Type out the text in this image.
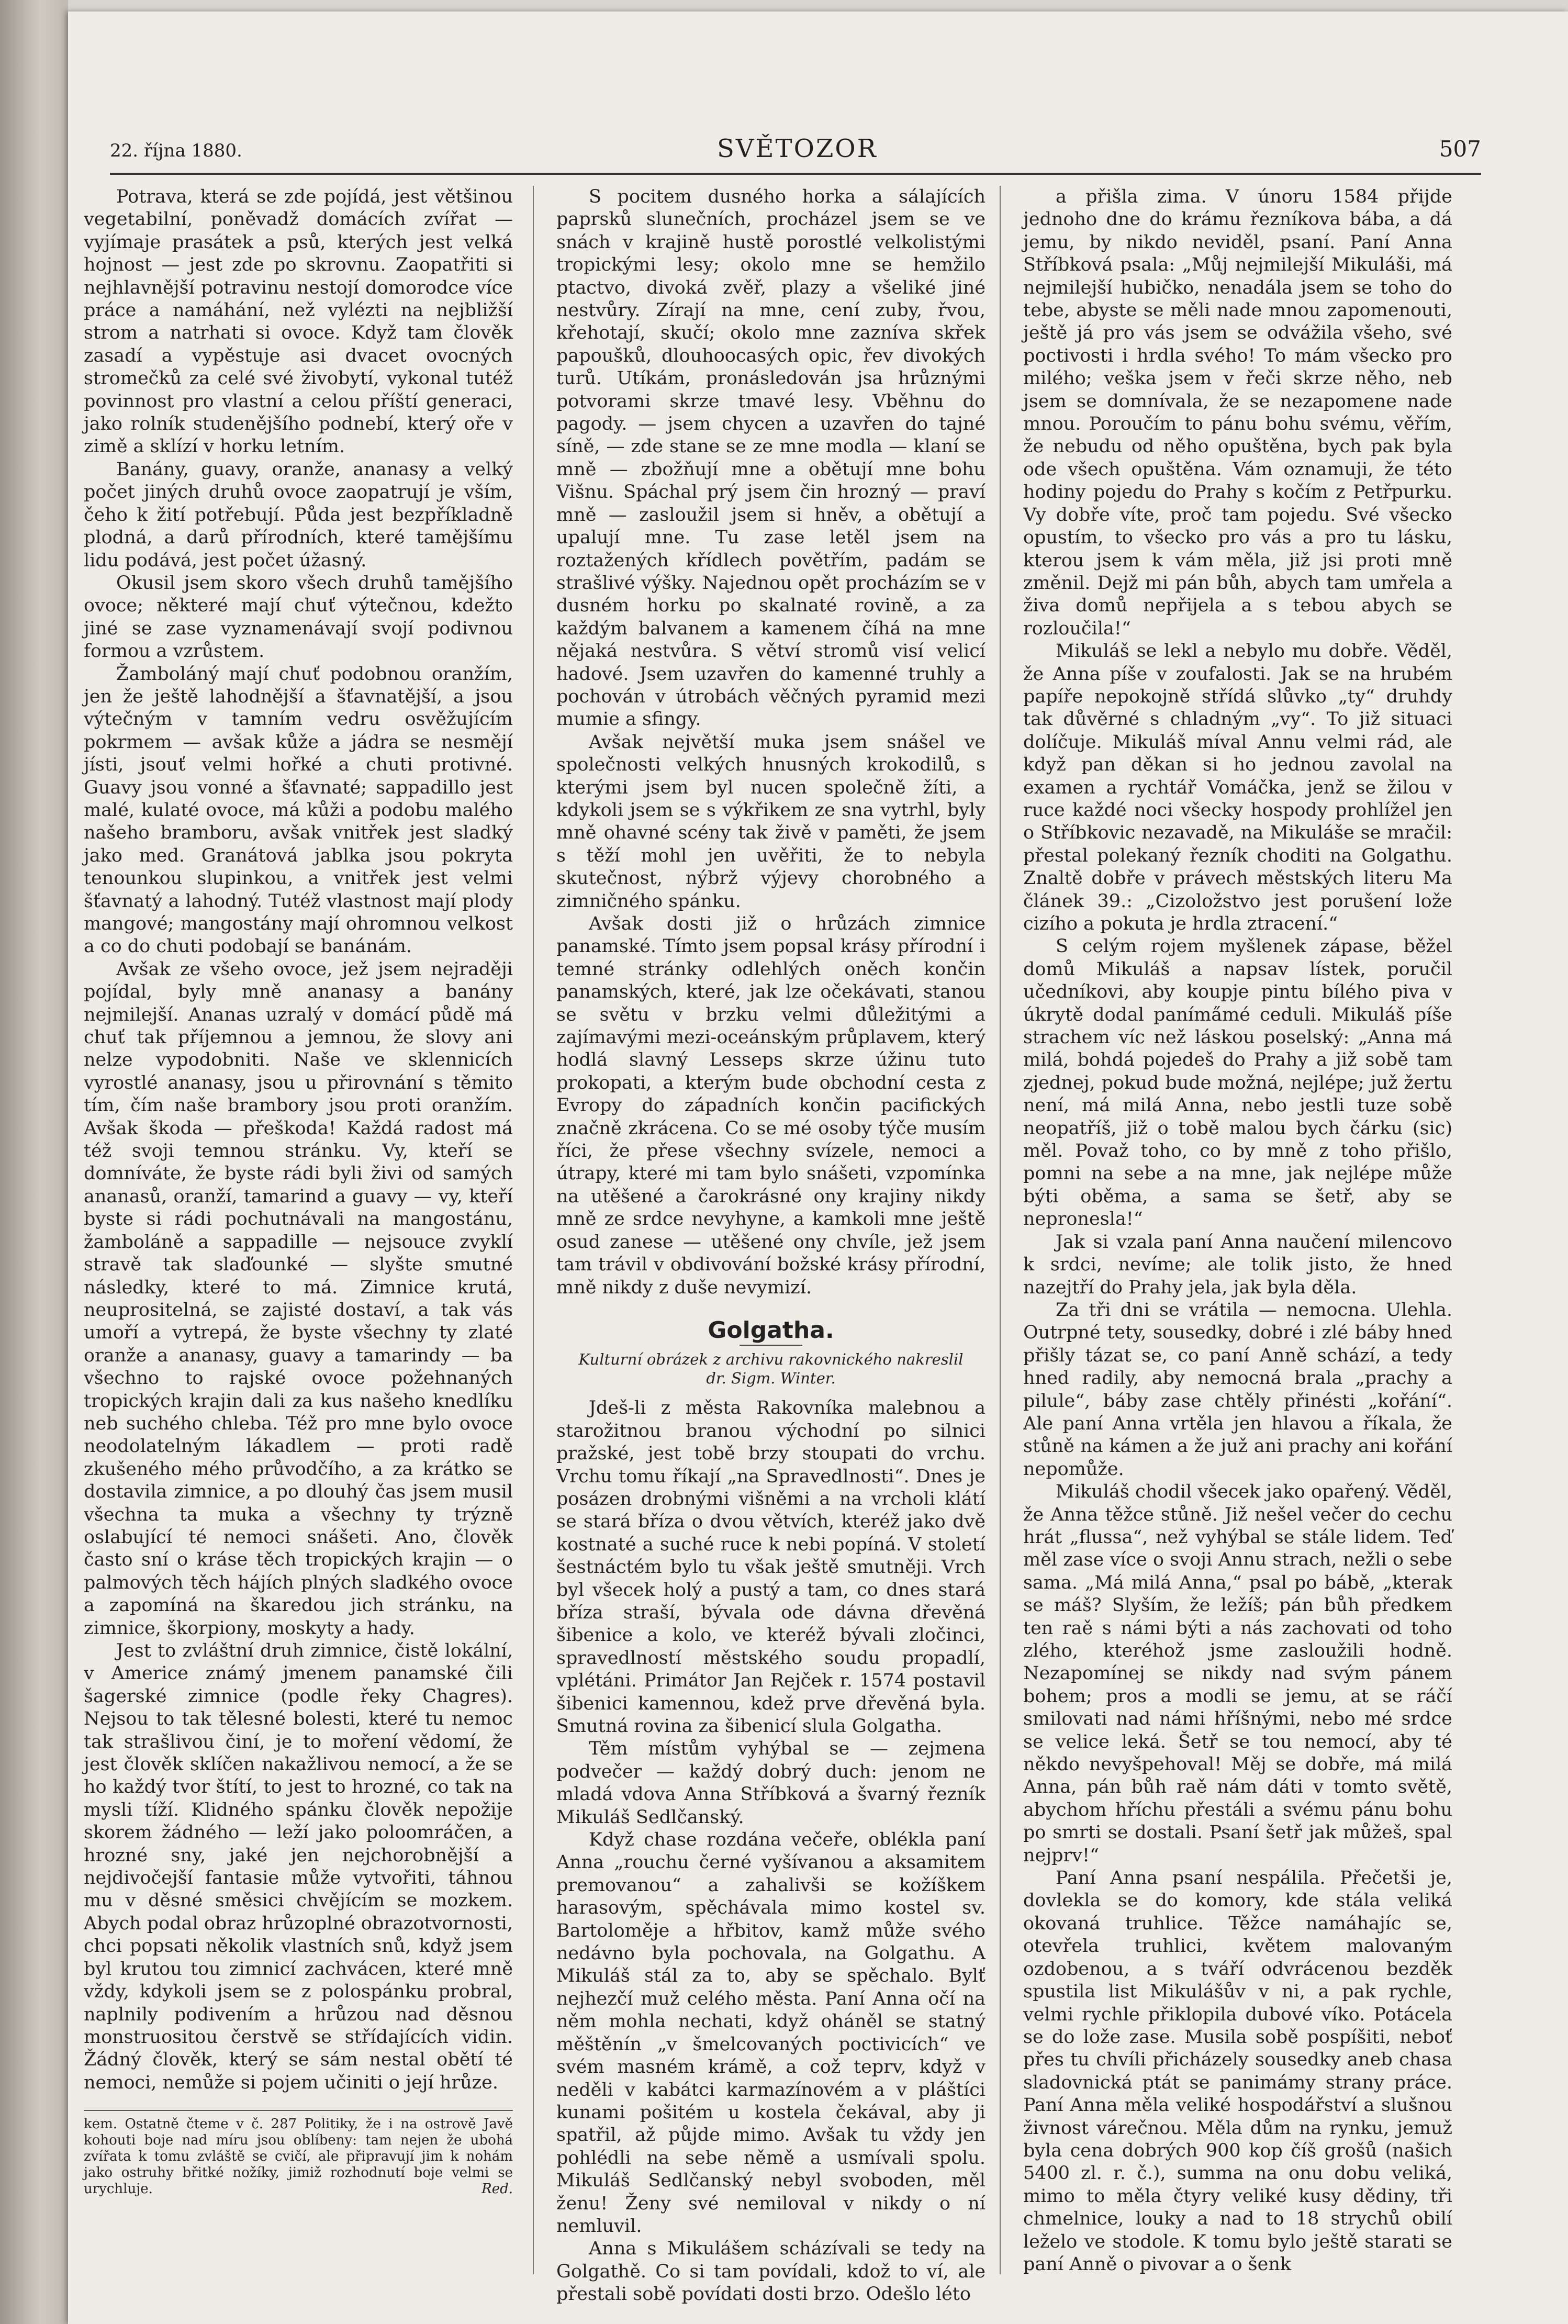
22. října 1880.	SVĚTOZOR	507

Potrava, která se zde pojídá, jest většinou vegetabilní, poněvadž domácích zvířat — vyjímaje prasátek a psů, kterých jest velká hojnost — jest zde po skrovnu. Zaopatřiti si nejhlavnější potravinu nestojí domorodce více práce a namáhání, než vylézti na nejbližší strom a natrhati si ovoce. Když tam člověk zasadí a vypěstuje asi dvacet ovocných stromečků za celé své živobytí, vykonal tutéž povinnost pro vlastní a celou příští generaci, jako rolník studenějšího podnebí, který oře v zimě a sklízí v horku letním.

Banány, guavy, oranže, ananasy a velký počet jiných druhů ovoce zaopatrují je vším, čeho k žití potřebují. Půda jest bezpříkladně plodná, a darů přírodních, které tamějšímu lidu podává, jest počet úžasný.

Okusil jsem skoro všech druhů tamějšího ovoce; některé mají chuť výtečnou, kdežto jiné se zase vyznamenávají svojí podivnou formou a vzrůstem.

Žamboláný mají chuť podobnou oranžím, jen že ještě lahodnější a šťavnatější, a jsou výtečným v tamním vedru osvěžujícím pokrmem — avšak kůže a jádra se nesmějí jísti, jsouť velmi hořké a chuti protivné. Guavy jsou vonné a šťavnaté; sappadillo jest malé, kulaté ovoce, má kůži a podobu malého našeho bramboru, avšak vnitřek jest sladký jako med. Granátová jablka jsou pokryta tenounkou slupinkou, a vnitřek jest velmi šťavnatý a lahodný. Tutéž vlastnost mají plody mangové; mangostány mají ohromnou velkost a co do chuti podobají se banánám.

Avšak ze všeho ovoce, jež jsem nejraději pojídal, byly mně ananasy a banány nejmilejší. Ananas uzralý v domácí půdě má chuť tak příjemnou a jemnou, že slovy ani nelze vypodobniti. Naše ve sklennicích vyrostlé ananasy, jsou u přirovnání s těmito tím, čím naše brambory jsou proti oranžím. Avšak škoda — přeškoda! Každá radost má též svoji temnou stránku. Vy, kteří se domníváte, že byste rádi byli živi od samých ananasů, oranží, tamarind a guavy — vy, kteří byste si rádi pochutnávali na mangostánu, žamboláně a sappadille — nejsouce zvyklí stravě tak slaďounké — slyšte smutné následky, které to má. Zimnice krutá, neuprositelná, se zajisté dostaví, a tak vás umoří a vytrepá, že byste všechny ty zlaté oranže a ananasy, guavy a tamarindy — ba všechno to rajské ovoce požehnaných tropických krajin dali za kus našeho knedlíku neb suchého chleba. Též pro mne bylo ovoce neodolatelným lákadlem — proti radě zkušeného mého průvodčího, a za krátko se dostavila zimnice, a po dlouhý čas jsem musil všechna ta muka a všechny ty trýzně oslabující té nemoci snášeti. Ano, člověk často sní o kráse těch tropických krajin — o palmových těch hájích plných sladkého ovoce a zapomíná na škaredou jich stránku, na zimnice, škorpiony, moskyty a hady.

Jest to zvláštní druh zimnice, čistě lokální, v Americe známý jmenem panamské čili šagerské zimnice (podle řeky Chagres). Nejsou to tak tělesné bolesti, které tu nemoc tak strašlivou činí, je to moření vědomí, že jest člověk sklíčen nakažlivou nemocí, a že se ho každý tvor štítí, to jest to hrozné, co tak na mysli tíží. Klidného spánku člověk nepožije skorem žádného — leží jako poloomráčen, a hrozné sny, jaké jen nejchorobnější a nejdivočejší fantasie může vytvořiti, táhnou mu v děsné směsici chvějícím se mozkem. Abych podal obraz hrůzoplné obrazotvornosti, chci popsati několik vlastních snů, když jsem byl krutou tou zimnicí zachvácen, které mně vždy, kdykoli jsem se z polospánku probral, naplnily podivením a hrůzou nad děsnou monstruositou čerstvě se střídajících vidin. Žádný člověk, který se sám nestal obětí té nemoci, nemůže si pojem učiniti o její hrůze.

kem. Ostatně čteme v č. 287 Politiky, že i na ostrově Javě kohouti boje nad míru jsou oblíbeny: tam nejen že ubohá zvířata k tomu zvláště se cvičí, ale připravují jim k nohám jako ostruhy břitké nožíky, jimiž rozhodnutí boje velmi se urychluje.	Red.

S pocitem dusného horka a sálajících paprsků slunečních, procházel jsem se ve snách v krajině hustě porostlé velkolistými tropickými lesy; okolo mne se hemžilo ptactvo, divoká zvěř, plazy a všeliké jiné nestvůry. Zírají na mne, cení zuby, řvou, křehotají, skučí; okolo mne zazníva skřek papoušků, dlouhoocasých opic, řev divokých turů. Utíkám, pronásledován jsa hrůznými potvorami skrze tmavé lesy. Vběhnu do pagody. — jsem chycen a uzavřen do tajné síně, — zde stane se ze mne modla — klaní se mně — zbožňují mne a obětují mne bohu Višnu. Spáchal prý jsem čin hrozný — praví mně — zasloužil jsem si hněv, a obětují a upalují mne. Tu zase letěl jsem na roztažených křídlech povětřím, padám se strašlivé výšky. Najednou opět procházím se v dusném horku po skalnaté rovině, a za každým balvanem a kamenem číhá na mne nějaká nestvůra. S větví stromů visí velicí hadové. Jsem uzavřen do kamenné truhly a pochován v útrobách věčných pyramid mezi mumie a sfingy.

Avšak největší muka jsem snášel ve společnosti velkých hnusných krokodilů, s kterými jsem byl nucen společně žíti, a kdykoli jsem se s výkřikem ze sna vytrhl, byly mně ohavné scény tak živě v paměti, že jsem s těží mohl jen uvěřiti, že to nebyla skutečnost, nýbrž výjevy chorobného a zimničného spánku.

Avšak dosti již o hrůzách zimnice panamské. Tímto jsem popsal krásy přírodní i temné stránky odlehlých oněch končin panamských, které, jak lze očekávati, stanou se světu v brzku velmi důležitými a zajímavými mezi-oceánským průplavem, který hodlá slavný Lesseps skrze úžinu tuto prokopati, a kterým bude obchodní cesta z Evropy do západních končin pacifických značně zkrácena. Co se mé osoby týče musím říci, že přese všechny svízele, nemoci a útrapy, které mi tam bylo snášeti, vzpomínka na utěšené a čarokrásné ony krajiny nikdy mně ze srdce nevyhyne, a kamkoli mne ještě osud zanese — utěšené ony chvíle, jež jsem tam trávil v obdivování božské krásy přírodní, mně nikdy z duše nevymizí.

Golgatha.
Kulturní obrázek z archivu rakovnického nakreslil
dr. Sigm. Winter.

Jdeš-li z města Rakovníka malebnou a starožitnou branou východní po silnici pražské, jest tobě brzy stoupati do vrchu. Vrchu tomu říkají „na Spravedlnosti“. Dnes je posázen drobnými višněmi a na vrcholi klátí se stará bříza o dvou větvích, kteréž jako dvě kostnaté a suché ruce k nebi popíná. V století šestnáctém bylo tu však ještě smutněji. Vrch byl všecek holý a pustý a tam, co dnes stará bříza straší, bývala ode dávna dřevěná šibenice a kolo, ve kteréž bývali zločinci, spravedlností městského soudu propadlí, vplétáni. Primátor Jan Rejček r. 1574 postavil šibenici kamennou, kdež prve dřevěná byla. Smutná rovina za šibenicí slula Golgatha.

Těm místům vyhýbal se — zejmena podvečer — každý dobrý duch: jenom ne mladá vdova Anna Stříbková a švarný řezník Mikuláš Sedlčanský.

Když chase rozdána večeře, oblékla paní Anna „rouchu černé vyšívanou a aksamitem premovanou“ a zahalivši se kožíškem harasovým, spěchávala mimo kostel sv. Bartoloměje a hřbitov, kamž může svého nedávno byla pochovala, na Golgathu. A Mikuláš stál za to, aby se spěchalo. Bylť nejhezčí muž celého města. Paní Anna očí na něm mohla nechati, když oháněl se statný měštěnín „v šmelcovaných poctivicích“ ve svém masném krámě, a což teprv, když v neděli v kabátci karmazínovém a v pláštíci kunami pošitém u kostela čekával, aby ji spatřil, až půjde mimo. Avšak tu vždy jen pohlédli na sebe němě a usmívali spolu. Mikuláš Sedlčanský nebyl svoboden, měl ženu! Ženy své nemiloval v nikdy o ní nemluvil.

Anna s Mikulášem scházívali se tedy na Golgathě. Co si tam povídali, kdož to ví, ale přestali sobě povídati dosti brzo. Odešlo léto

a přišla zima. V únoru 1584 přijde jednoho dne do krámu řezníkova bába, a dá jemu, by nikdo neviděl, psaní. Paní Anna Stříbková psala: „Můj nejmilejší Mikuláši, má nejmilejší hubičko, nenadála jsem se toho do tebe, abyste se měli nade mnou zapomenouti, ještě já pro vás jsem se odvážila všeho, své poctivosti i hrdla svého! To mám všecko pro milého; veška jsem v řeči skrze něho, neb jsem se domnívala, že se nezapomene nade mnou. Poroučím to pánu bohu svému, věřím, že nebudu od něho opuštěna, bych pak byla ode všech opuštěna. Vám oznamuji, že této hodiny pojedu do Prahy s kočím z Petřpurku. Vy dobře víte, proč tam pojedu. Své všecko opustím, to všecko pro vás a pro tu lásku, kterou jsem k vám měla, již jsi proti mně změnil. Dejž mi pán bůh, abych tam umřela a živa domů nepřijela a s tebou abych se rozloučila!“

Mikuláš se lekl a nebylo mu dobře. Věděl, že Anna píše v zoufalosti. Jak se na hrubém papíře nepokojně střídá slůvko „ty“ druhdy tak důvěrné s chladným „vy“. To již situaci dolíčuje. Mikuláš míval Annu velmi rád, ale když pan děkan si ho jednou zavolal na examen a rychtář Vomáčka, jenž se žilou v ruce každé noci všecky hospody prohlížel jen o Stříbkovic nezavadě, na Mikuláše se mračil: přestal polekaný řezník choditi na Golgathu. Znaltě dobře v právech městských literu Ma článek 39.: „Cizoložstvo jest porušení lože cizího a pokuta je hrdla ztracení.“

S celým rojem myšlenek zápase, běžel domů Mikuláš a napsav lístek, poručil učedníkovi, aby koupje pintu bílého piva v úkrytě dodal paníma̋mé ceduli. Mikuláš píše strachem víc než láskou poselský: „Anna má milá, bohdá pojedeš do Prahy a již sobě tam zjednej, pokud bude možná, nejlépe; juž žertu není, má milá Anna, nebo jestli tuze sobě neopatříš, již o tobě malou bych čárku (sic) měl. Považ toho, co by mně z toho přišlo, pomni na sebe a na mne, jak nejlépe může býti oběma, a sama se šetř, aby se nepronesla!“

Jak si vzala paní Anna naučení milencovo k srdci, nevíme; ale tolik jisto, že hned nazejtří do Prahy jela, jak byla děla.

Za tři dni se vrátila — nemocna. Ulehla. Outrpné tety, sousedky, dobré i zlé báby hned přišly tázat se, co paní Anně schází, a tedy hned radily, aby nemocná brala „prachy a pilule“, báby zase chtěly přinésti „kořání“. Ale paní Anna vrtěla jen hlavou a říkala, že stůně na kámen a že juž ani prachy ani kořání nepomůže.

Mikuláš chodil všecek jako opařený. Věděl, že Anna těžce stůně. Již nešel večer do cechu hrát „flussa“, než vyhýbal se stále lidem. Teď měl zase více o svoji Annu strach, nežli o sebe sama. „Má milá Anna,“ psal po bábě, „kterak se máš? Slyším, že ležíš; pán bůh předkem ten raě s námi býti a nás zachovati od toho zlého, kteréhož jsme zasloužili hodně. Nezapomínej se nikdy nad svým pánem bohem; pros a modli se jemu, at se ráčí smilovati nad námi hříšnými, nebo mé srdce se velice leká. Šetř se tou nemocí, aby té někdo nevyšpehoval! Měj se dobře, má milá Anna, pán bůh raě nám dáti v tomto světě, abychom hříchu přestáli a svému pánu bohu po smrti se dostali. Psaní šetř jak můžeš, spal nejprv!“

Paní Anna psaní nespálila. Přečetši je, dovlekla se do komory, kde stála veliká okovaná truhlice. Těžce namáhajíc se, otevřela truhlici, květem malovaným ozdobenou, a s tváří odvrácenou bezděk spustila list Mikulášův v ni, a pak rychle, velmi rychle přiklopila dubové víko. Potácela se do lože zase. Musila sobě pospíšiti, neboť přes tu chvíli přicházely sousedky aneb chasa sladovnická ptát se panimámy strany práce. Paní Anna měla veliké hospodářství a slušnou živnost várečnou. Měla dům na rynku, jemuž byla cena dobrých 900 kop číš grošů (našich 5400 zl. r. č.), summa na onu dobu veliká, mimo to měla čtyry veliké kusy dědiny, tři chmelnice, louky a nad to 18 strychů obilí leželo ve stodole. K tomu bylo ještě starati se paní Anně o pivovar a o šenk
